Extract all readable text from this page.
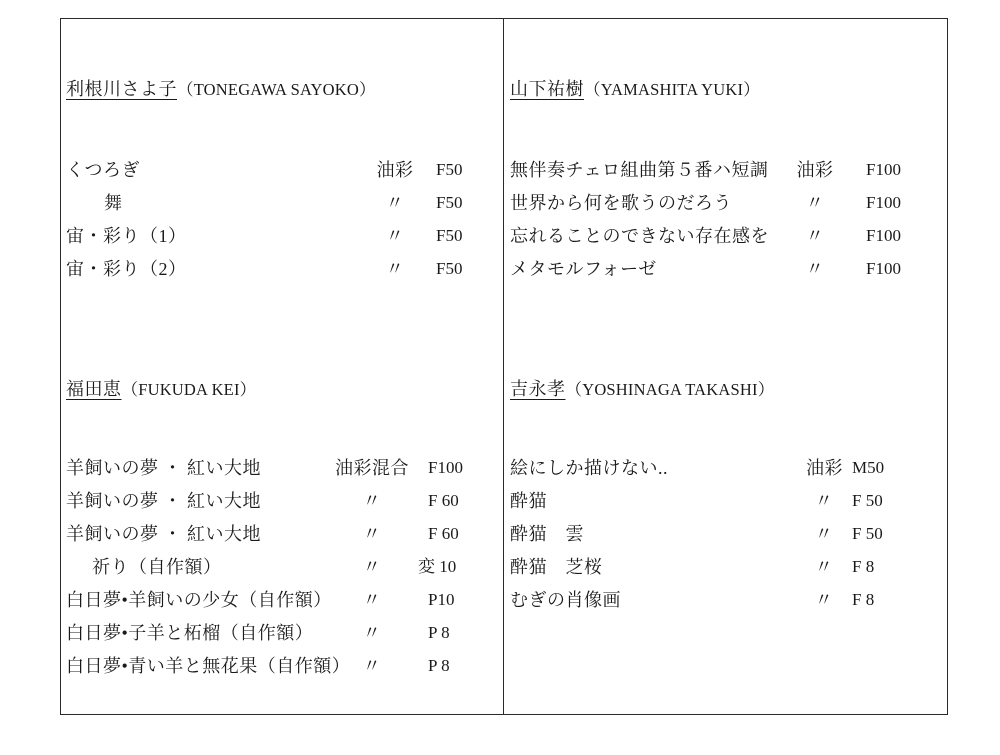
利根川さよ子（TONEGAWA SAYOKO）
くつろぎ	油彩	F50
舞	〃	F50
宙・彩り（1）	〃	F50
宙・彩り（2）	〃	F50
山下祐樹（YAMASHITA YUKI）
無伴奏チェロ組曲第５番ハ短調 油彩 F100
世界から何を歌うのだろう	〃	F100
忘れることのできない存在感を	〃	F100
メタモルフォーゼ	〃	F100
福田恵（FUKUDA KEI）
羊飼いの夢 ・ 紅い大地	油彩混合 F100
羊飼いの夢 ・ 紅い大地	〃	F 60
羊飼いの夢 ・ 紅い大地	〃	F 60
祈り（自作額）	〃	変 10
白日夢•羊飼いの少女（自作額）	〃	P10
白日夢•子羊と柘榴（自作額）	〃	P 8
白日夢•青い羊と無花果（自作額） 〃	P 8
吉永孝（YOSHINAGA TAKASHI）
絵にしか描けない..	油彩 M50
酔猫	〃	F 50
酔猫　雲	〃	F 50
酔猫　芝桜	〃	F 8
むぎの肖像画	〃	F 8
